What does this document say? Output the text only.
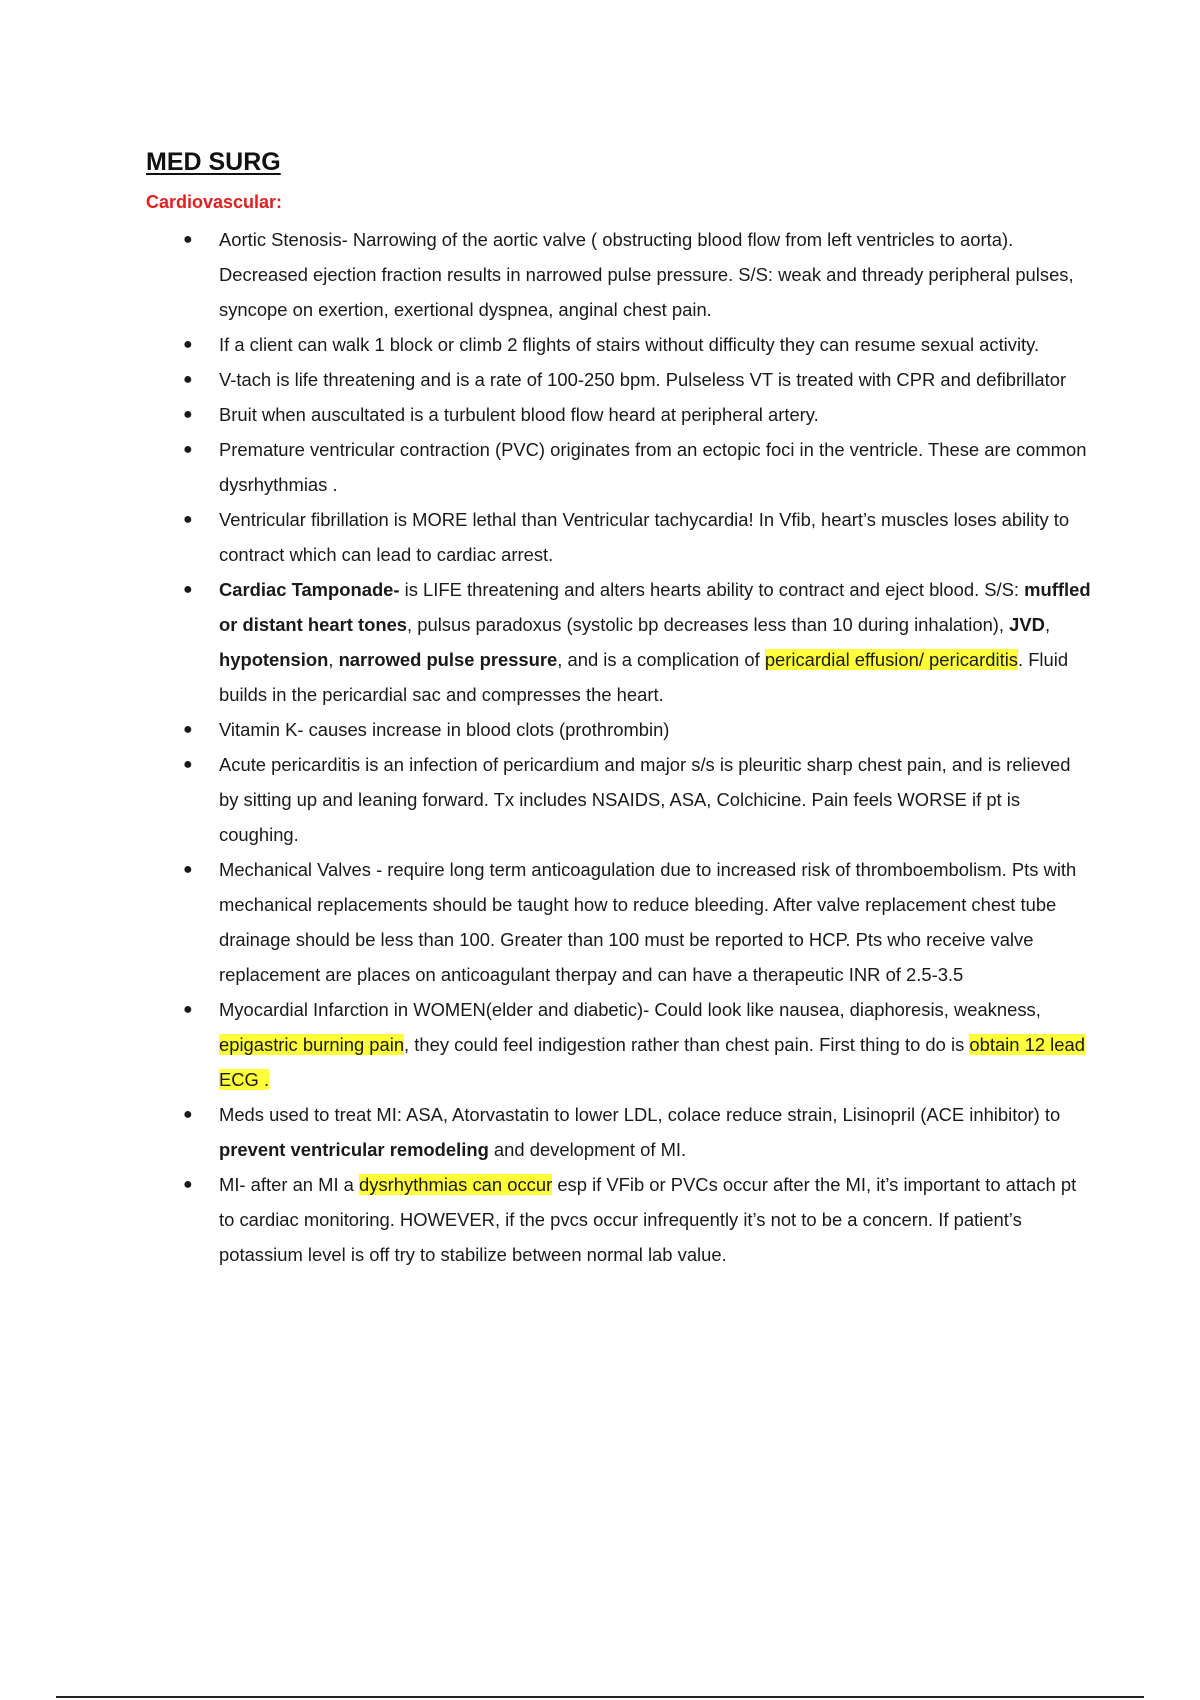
MED SURG
Cardiovascular:
● Aortic Stenosis- Narrowing of the aortic valve ( obstructing blood flow from left ventricles to aorta). Decreased ejection fraction results in narrowed pulse pressure. S/S: weak and thready peripheral pulses, syncope on exertion, exertional dyspnea, anginal chest pain.
● If a client can walk 1 block or climb 2 flights of stairs without difficulty they can resume sexual activity.
● V-tach is life threatening and is a rate of 100-250 bpm. Pulseless VT is treated with CPR and defibrillator
● Bruit when auscultated is a turbulent blood flow heard at peripheral artery.
● Premature ventricular contraction (PVC) originates from an ectopic foci in the ventricle. These are common dysrhythmias .
● Ventricular fibrillation is MORE lethal than Ventricular tachycardia! In Vfib, heart’s muscles loses ability to contract which can lead to cardiac arrest.
● Cardiac Tamponade- is LIFE threatening and alters hearts ability to contract and eject blood. S/S: muffled or distant heart tones, pulsus paradoxus (systolic bp decreases less than 10 during inhalation), JVD, hypotension, narrowed pulse pressure, and is a complication of pericardial effusion/ pericarditis. Fluid builds in the pericardial sac and compresses the heart.
● Vitamin K- causes increase in blood clots (prothrombin)
● Acute pericarditis is an infection of pericardium and major s/s is pleuritic sharp chest pain, and is relieved by sitting up and leaning forward. Tx includes NSAIDS, ASA, Colchicine. Pain feels WORSE if pt is coughing.
● Mechanical Valves - require long term anticoagulation due to increased risk of thromboembolism. Pts with mechanical replacements should be taught how to reduce bleeding. After valve replacement chest tube drainage should be less than 100. Greater than 100 must be reported to HCP. Pts who receive valve replacement are places on anticoagulant therpay and can have a therapeutic INR of 2.5-3.5
● Myocardial Infarction in WOMEN(elder and diabetic)- Could look like nausea, diaphoresis, weakness, epigastric burning pain, they could feel indigestion rather than chest pain. First thing to do is obtain 12 lead ECG .
● Meds used to treat MI: ASA, Atorvastatin to lower LDL, colace reduce strain, Lisinopril (ACE inhibitor) to prevent ventricular remodeling and development of MI.
● MI- after an MI a dysrhythmias can occur esp if VFib or PVCs occur after the MI, it’s important to attach pt to cardiac monitoring. HOWEVER, if the pvcs occur infrequently it’s not to be a concern. If patient’s potassium level is off try to stabilize between normal lab value.
